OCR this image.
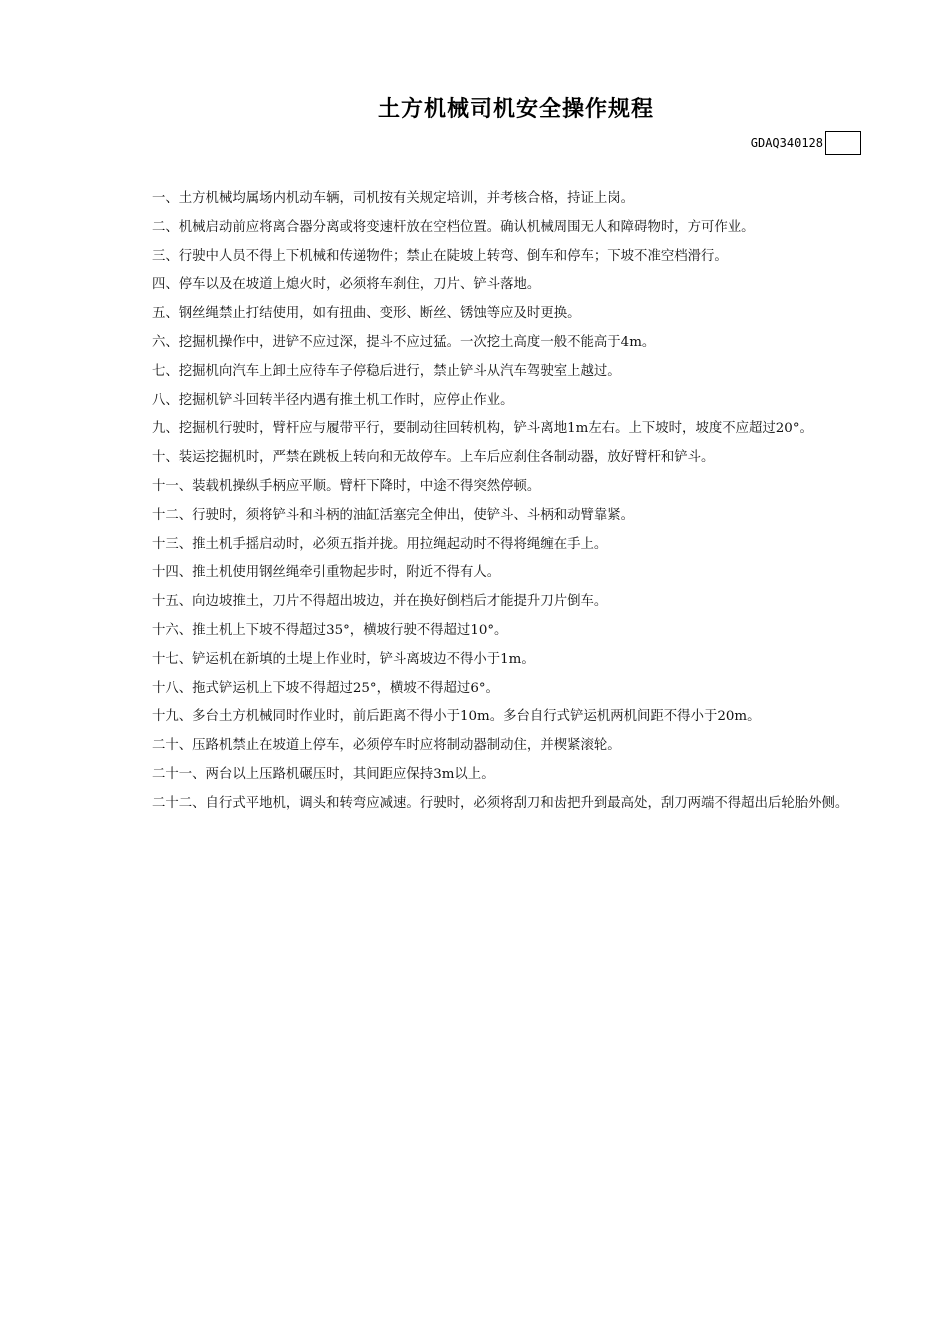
土方机械司机安全操作规程
GDAQ340128

一、土方机械均属场内机动车辆，司机按有关规定培训，并考核合格，持证上岗。

二、机械启动前应将离合器分离或将变速杆放在空档位置。确认机械周围无人和障碍物时，方可作业。

三、行驶中人员不得上下机械和传递物件；禁止在陡坡上转弯、倒车和停车；下坡不准空档滑行。

四、停车以及在坡道上熄火时，必须将车刹住，刀片、铲斗落地。

五、钢丝绳禁止打结使用，如有扭曲、变形、断丝、锈蚀等应及时更换。

六、挖掘机操作中，进铲不应过深，提斗不应过猛。一次挖土高度一般不能高于4m。

七、挖掘机向汽车上卸土应待车子停稳后进行，禁止铲斗从汽车驾驶室上越过。

八、挖掘机铲斗回转半径内遇有推土机工作时，应停止作业。

九、挖掘机行驶时，臂杆应与履带平行，要制动往回转机构，铲斗离地1m左右。上下坡时，坡度不应超过20°。

十、装运挖掘机时，严禁在跳板上转向和无故停车。上车后应刹住各制动器，放好臂杆和铲斗。

十一、装载机操纵手柄应平顺。臂杆下降时，中途不得突然停顿。

十二、行驶时，须将铲斗和斗柄的油缸活塞完全伸出，使铲斗、斗柄和动臂靠紧。

十三、推土机手摇启动时，必须五指并拢。用拉绳起动时不得将绳缠在手上。

十四、推土机使用钢丝绳牵引重物起步时，附近不得有人。

十五、向边坡推土，刀片不得超出坡边，并在换好倒档后才能提升刀片倒车。

十六、推土机上下坡不得超过35°，横坡行驶不得超过10°。

十七、铲运机在新填的土堤上作业时，铲斗离坡边不得小于1m。

十八、拖式铲运机上下坡不得超过25°，横坡不得超过6°。

十九、多台土方机械同时作业时，前后距离不得小于10m。多台自行式铲运机两机间距不得小于20m。

二十、压路机禁止在坡道上停车，必须停车时应将制动器制动住，并楔紧滚轮。

二十一、两台以上压路机碾压时，其间距应保持3m以上。

二十二、自行式平地机，调头和转弯应减速。行驶时，必须将刮刀和齿把升到最高处，刮刀两端不得超出后轮胎外侧。
